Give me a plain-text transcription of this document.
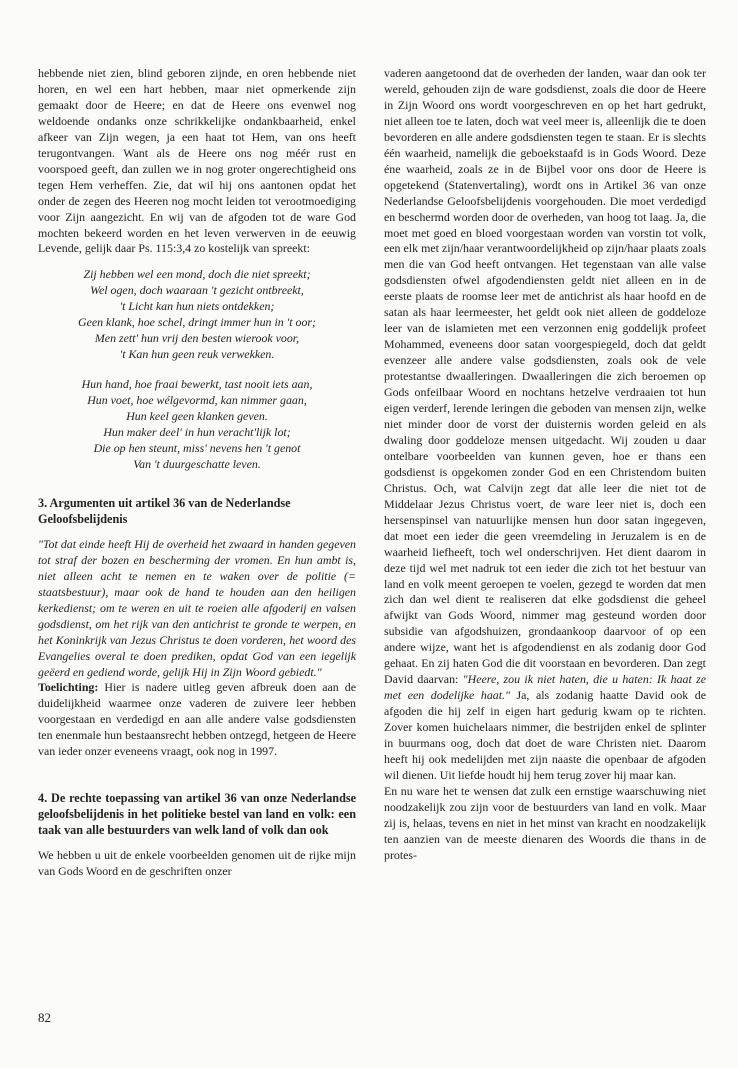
hebbende niet zien, blind geboren zijnde, en oren hebbende niet horen, en wel een hart hebben, maar niet opmerkende zijn gemaakt door de Heere; en dat de Heere ons evenwel nog weldoende ondanks onze schrikkelijke ondankbaarheid, enkel afkeer van Zijn wegen, ja een haat tot Hem, van ons heeft terugontvangen. Want als de Heere ons nog méér rust en voorspoed geeft, dan zullen we in nog groter ongerechtigheid ons tegen Hem verheffen. Zie, dat wil hij ons aantonen opdat het onder de zegen des Heeren nog mocht leiden tot verootmoediging voor Zijn aangezicht. En wij van de afgoden tot de ware God mochten bekeerd worden en het leven verwerven in de eeuwig Levende, gelijk daar Ps. 115:3,4 zo kostelijk van spreekt:

Zij hebben wel een mond, doch die niet spreekt;
Wel ogen, doch waaraan 't gezicht ontbreekt,
't Licht kan hun niets ontdekken;
Geen klank, hoe schel, dringt immer hun in 't oor;
Men zett' hun vrij den besten wierook voor,
't Kan hun geen reuk verwekken.
Hun hand, hoe fraai bewerkt, tast nooit iets aan,
Hun voet, hoe wélgevormd, kan nimmer gaan,
Hun keel geen klanken geven.
Hun maker deel' in hun veracht'lijk lot;
Die op hen steunt, miss' nevens hen 't genot
Van 't duurgeschatte leven.
3. Argumenten uit artikel 36 van de Nederlandse Geloofsbelijdenis

"Tot dat einde heeft Hij de overheid het zwaard in handen gegeven tot straf der bozen en bescherming der vromen. En hun ambt is, niet alleen acht te nemen en te waken over de politie (= staatsbestuur), maar ook de hand te houden aan den heiligen kerkedienst; om te weren en uit te roeien alle afgoderij en valsen godsdienst, om het rijk van den antichrist te gronde te werpen, en het Koninkrijk van Jezus Christus te doen vorderen, het woord des Evangelies overal te doen prediken, opdat God van een iegelijk geëerd en gediend worde, gelijk Hij in Zijn Woord gebiedt."

Toelichting: Hier is nadere uitleg geven afbreuk doen aan de duidelijkheid waarmee onze vaderen de zuivere leer hebben voorgestaan en verdedigd en aan alle andere valse godsdiensten ten enenmale hun bestaansrecht hebben ontzegd, hetgeen de Heere van ieder onzer eveneens vraagt, ook nog in 1997.

4. De rechte toepassing van artikel 36 van onze Nederlandse geloofsbelijdenis in het politieke bestel van land en volk: een taak van alle bestuurders van welk land of volk dan ook

We hebben u uit de enkele voorbeelden genomen uit de rijke mijn van Gods Woord en de geschriften onzer

vaderen aangetoond dat de overheden der landen, waar dan ook ter wereld, gehouden zijn de ware godsdienst, zoals die door de Heere in Zijn Woord ons wordt voorgeschreven en op het hart gedrukt, niet alleen toe te laten, doch wat veel meer is, alleenlijk die te doen bevorderen en alle andere godsdiensten tegen te staan. Er is slechts één waarheid, namelijk die geboekstaafd is in Gods Woord. Deze éne waarheid, zoals ze in de Bijbel voor ons door de Heere is opgetekend (Statenvertaling), wordt ons in Artikel 36 van onze Nederlandse Geloofsbelijdenis voorgehouden. Die moet verdedigd en beschermd worden door de overheden, van hoog tot laag. Ja, die moet met goed en bloed voorgestaan worden van vorstin tot volk, een elk met zijn/haar verantwoordelijkheid op zijn/haar plaats zoals men die van God heeft ontvangen. Het tegenstaan van alle valse godsdiensten ofwel afgodendiensten geldt niet alleen en in de eerste plaats de roomse leer met de antichrist als haar hoofd en de satan als haar leermeester, het geldt ook niet alleen de goddeloze leer van de islamieten met een verzonnen enig goddelijk profeet Mohammed, eveneens door satan voorgespiegeld, doch dat geldt evenzeer alle andere valse godsdiensten, zoals ook de vele protestantse dwaalleringen. Dwaalleringen die zich beroemen op Gods onfeilbaar Woord en nochtans hetzelve verdraaien tot hun eigen verderf, lerende leringen die geboden van mensen zijn, welke niet minder door de vorst der duisternis worden geleid en als dwaling door goddeloze mensen uitgedacht. Wij zouden u daar ontelbare voorbeelden van kunnen geven, hoe er thans een godsdienst is opgekomen zonder God en een Christendom buiten Christus. Och, wat Calvijn zegt dat alle leer die niet tot de Middelaar Jezus Christus voert, de ware leer niet is, doch een hersenspinsel van natuurlijke mensen hun door satan ingegeven, dat moet een ieder die geen vreemdeling in Jeruzalem is en de waarheid liefheeft, toch wel onderschrijven. Het dient daarom in deze tijd wel met nadruk tot een ieder die zich tot het bestuur van land en volk meent geroepen te voelen, gezegd te worden dat men zich dan wel dient te realiseren dat elke godsdienst die geheel afwijkt van Gods Woord, nimmer mag gesteund worden door subsidie van afgodshuizen, grondaankoop daarvoor of op een andere wijze, want het is afgodendienst en als zodanig door God gehaat. En zij haten God die dit voorstaan en bevorderen. Dan zegt David daarvan: "Heere, zou ik niet haten, die u haten: Ik haat ze met een dodelijke haat." Ja, als zodanig haatte David ook de afgoden die hij zelf in eigen hart gedurig kwam op te richten. Zover komen huichelaars nimmer, die bestrijden enkel de splinter in buurmans oog, doch dat doet de ware Christen niet. Daarom heeft hij ook medelijden met zijn naaste die openbaar de afgoden wil dienen. Uit liefde houdt hij hem terug zover hij maar kan.

En nu ware het te wensen dat zulk een ernstige waarschuwing niet noodzakelijk zou zijn voor de bestuurders van land en volk. Maar zij is, helaas, tevens en niet in het minst van kracht en noodzakelijk ten aanzien van de meeste dienaren des Woords die thans in de protes-

82
